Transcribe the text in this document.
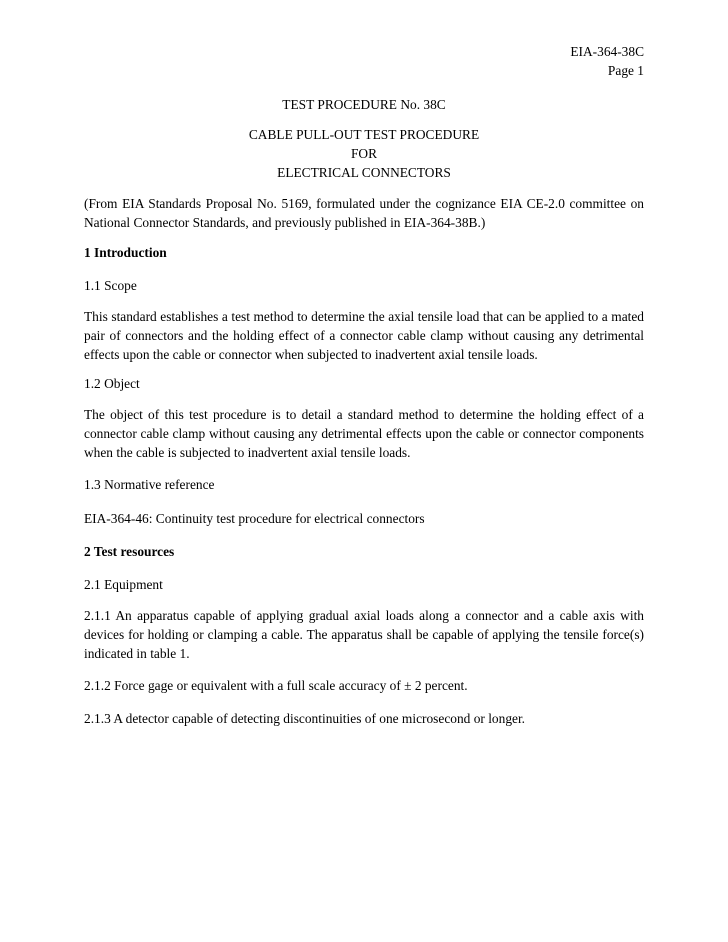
EIA-364-38C
Page 1
TEST PROCEDURE No. 38C
CABLE PULL-OUT TEST PROCEDURE
FOR
ELECTRICAL CONNECTORS

(From EIA Standards Proposal No. 5169, formulated under the cognizance EIA CE-2.0 committee on National Connector Standards, and previously published in EIA-364-38B.)

1 Introduction

1.1 Scope

This standard establishes a test method to determine the axial tensile load that can be applied to a mated pair of connectors and the holding effect of a connector cable clamp without causing any detrimental effects upon the cable or connector when subjected to inadvertent axial tensile loads.

1.2 Object

The object of this test procedure is to detail a standard method to determine the holding effect of a connector cable clamp without causing any detrimental effects upon the cable or connector components when the cable is subjected to inadvertent axial tensile loads.

1.3 Normative reference

EIA-364-46: Continuity test procedure for electrical connectors

2 Test resources

2.1 Equipment

2.1.1 An apparatus capable of applying gradual axial loads along a connector and a cable axis with devices for holding or clamping a cable. The apparatus shall be capable of applying the tensile force(s) indicated in table 1.

2.1.2 Force gage or equivalent with a full scale accuracy of ± 2 percent.

2.1.3 A detector capable of detecting discontinuities of one microsecond or longer.
